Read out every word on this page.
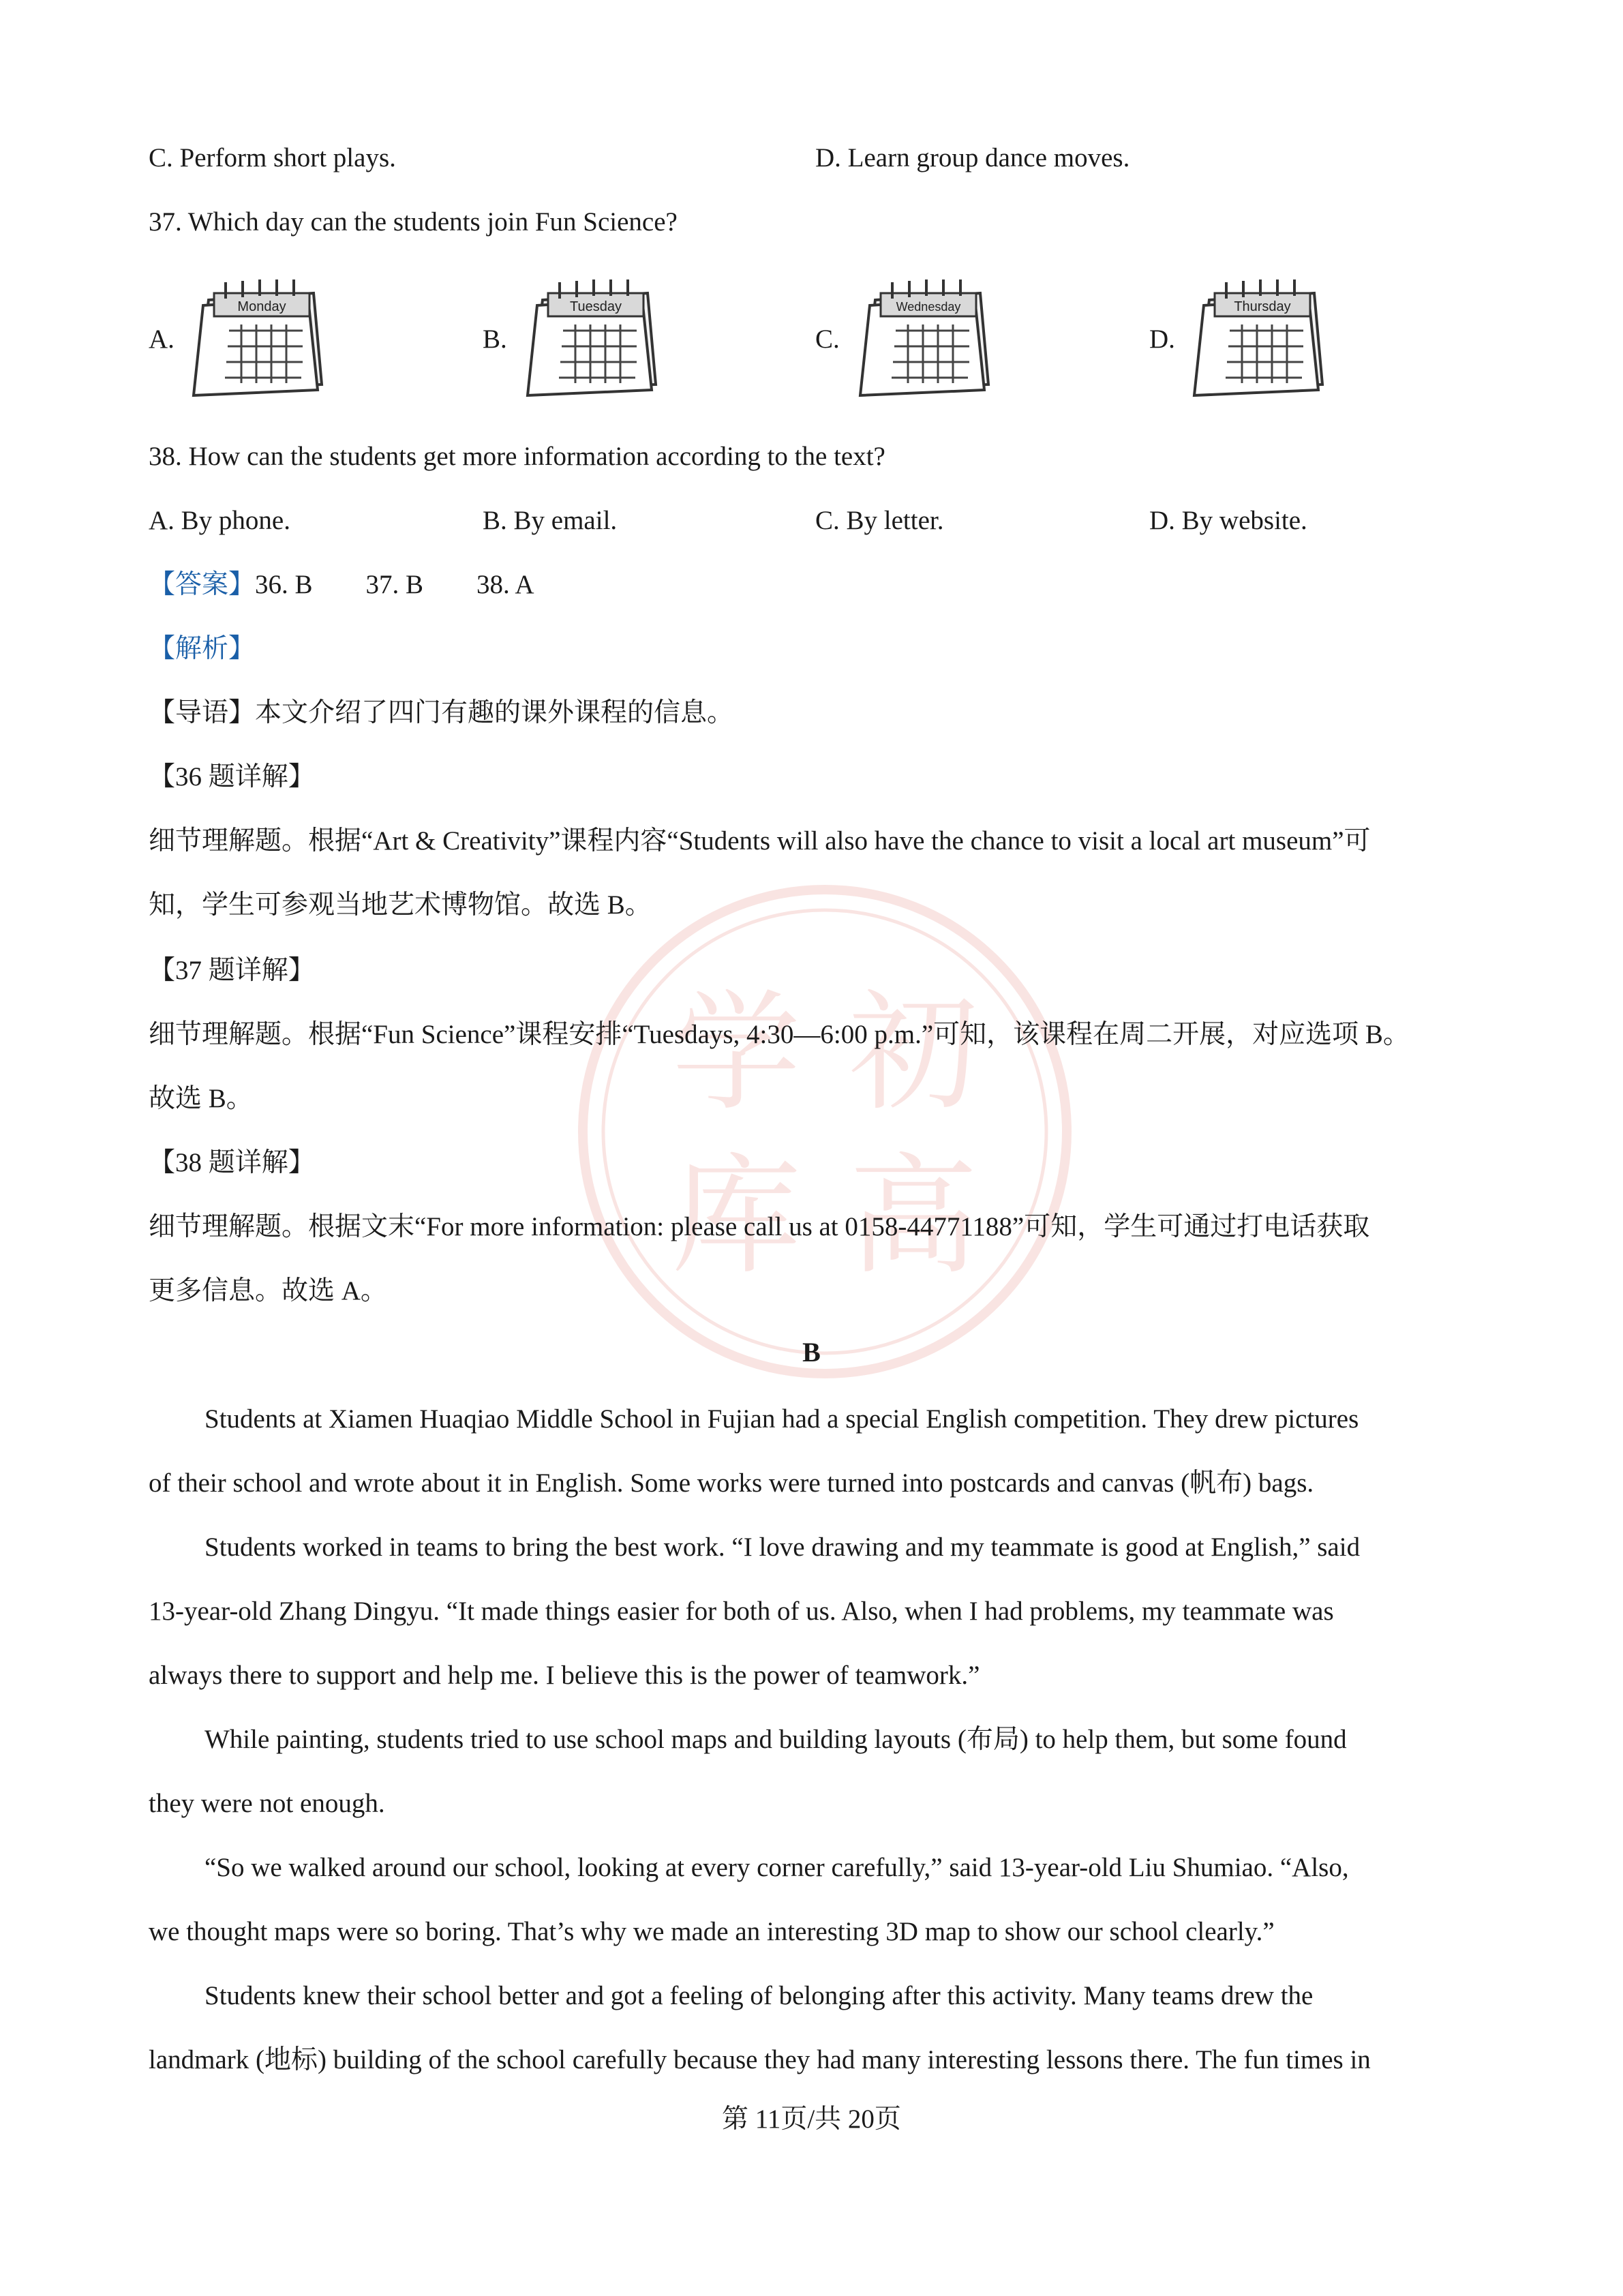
学 初
库 高
C. Perform short plays.	D. Learn group dance moves.
37. Which day can the students join Fun Science?
A.
Monday
B.
Tuesday
C.
Wednesday
D.
Thursday
38. How can the students get more information according to the text?
A. By phone.	B. By email.	C. By letter.	D. By website.
【答案】36. B 37. B 38. A
【解析】
【导语】本文介绍了四门有趣的课外课程的信息。
【36 题详解】
细节理解题。根据“Art & Creativity”课程内容“Students will also have the chance to visit a local art museum”可
知，学生可参观当地艺术博物馆。故选 B。
【37 题详解】
细节理解题。根据“Fun Science”课程安排“Tuesdays, 4:30—6:00 p.m.”可知，该课程在周二开展，对应选项 B。
故选 B。
【38 题详解】
细节理解题。根据文末“For more information: please call us at 0158-44771188”可知，学生可通过打电话获取
更多信息。故选 A。
B
Students at Xiamen Huaqiao Middle School in Fujian had a special English competition. They drew pictures
of their school and wrote about it in English. Some works were turned into postcards and canvas (帆布) bags.
Students worked in teams to bring the best work. “I love drawing and my teammate is good at English,” said
13-year-old Zhang Dingyu. “It made things easier for both of us. Also, when I had problems, my teammate was
always there to support and help me. I believe this is the power of teamwork.”
While painting, students tried to use school maps and building layouts (布局) to help them, but some found
they were not enough.
“So we walked around our school, looking at every corner carefully,” said 13-year-old Liu Shumiao. “Also,
we thought maps were so boring. That’s why we made an interesting 3D map to show our school clearly.”
Students knew their school better and got a feeling of belonging after this activity. Many teams drew the
landmark (地标) building of the school carefully because they had many interesting lessons there. The fun times in
第 11页/共 20页
